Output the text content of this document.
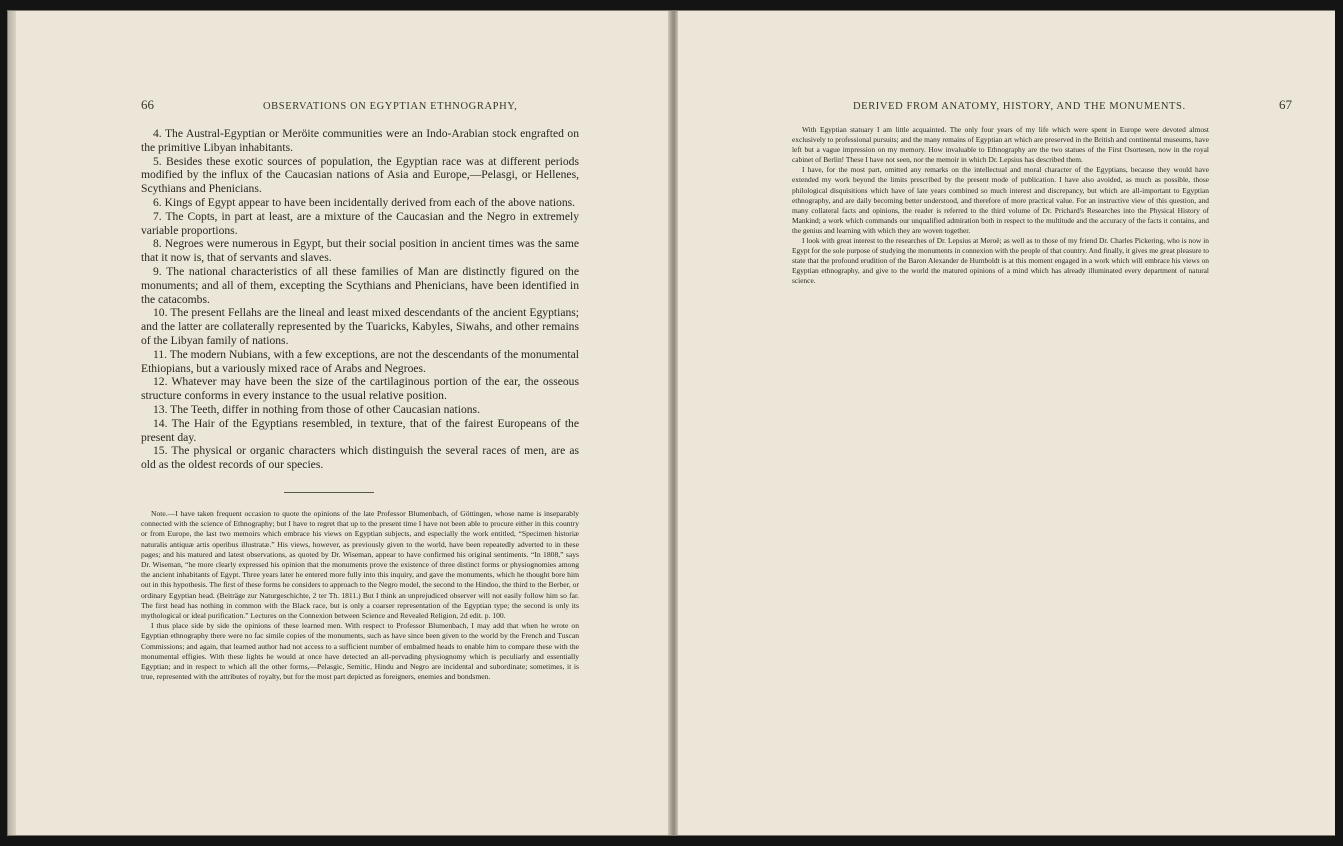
66	OBSERVATIONS ON EGYPTIAN ETHNOGRAPHY,

4. The Austral-Egyptian or Meröite communities were an Indo-Arabian stock engrafted on the primitive Libyan inhabitants.

5. Besides these exotic sources of population, the Egyptian race was at different periods modified by the influx of the Caucasian nations of Asia and Europe,—Pelasgi, or Hellenes, Scythians and Phenicians.

6. Kings of Egypt appear to have been incidentally derived from each of the above nations.

7. The Copts, in part at least, are a mixture of the Caucasian and the Negro in extremely variable proportions.

8. Negroes were numerous in Egypt, but their social position in ancient times was the same that it now is, that of servants and slaves.

9. The national characteristics of all these families of Man are distinctly figured on the monuments; and all of them, excepting the Scythians and Phenicians, have been identified in the catacombs.

10. The present Fellahs are the lineal and least mixed descendants of the ancient Egyptians; and the latter are collaterally represented by the Tuaricks, Kabyles, Siwahs, and other remains of the Libyan family of nations.

11. The modern Nubians, with a few exceptions, are not the descendants of the monumental Ethiopians, but a variously mixed race of Arabs and Negroes.

12. Whatever may have been the size of the cartilaginous portion of the ear, the osseous structure conforms in every instance to the usual relative position.

13. The Teeth, differ in nothing from those of other Caucasian nations.

14. The Hair of the Egyptians resembled, in texture, that of the fairest Europeans of the present day.

15. The physical or organic characters which distinguish the several races of men, are as old as the oldest records of our species.

Note.—I have taken frequent occasion to quote the opinions of the late Professor Blumenbach, of Göttingen, whose name is inseparably connected with the science of Ethnography; but I have to regret that up to the present time I have not been able to procure either in this country or from Europe, the last two memoirs which embrace his views on Egyptian subjects, and especially the work entitled, “Specimen historiæ naturalis antiquæ artis operibus illustratæ.” His views, however, as previously given to the world, have been repeatedly adverted to in these pages; and his matured and latest observations, as quoted by Dr. Wiseman, appear to have confirmed his original sentiments. “In 1808,” says Dr. Wiseman, “he more clearly expressed his opinion that the monuments prove the existence of three distinct forms or physiognomies among the ancient inhabitants of Egypt. Three years later he entered more fully into this inquiry, and gave the monuments, which he thought bore him out in this hypothesis. The first of these forms he considers to approach to the Negro model, the second to the Hindoo, the third to the Berber, or ordinary Egyptian head. (Beiträge zur Naturgeschichte, 2 ter Th. 1811.) But I think an unprejudiced observer will not easily follow him so far. The first head has nothing in common with the Black race, but is only a coarser representation of the Egyptian type; the second is only its mythological or ideal purification.” Lectures on the Connexion between Science and Revealed Religion, 2d edit. p. 100.

I thus place side by side the opinions of these learned men. With respect to Professor Blumenbach, I may add that when he wrote on Egyptian ethnography there were no fac simile copies of the monuments, such as have since been given to the world by the French and Tuscan Commissions; and again, that learned author had not access to a sufficient number of embalmed heads to enable him to compare these with the monumental effigies. With these lights he would at once have detected an all-pervading physiognomy which is peculiarly and essentially Egyptian; and in respect to which all the other forms,—Pelasgic, Semitic, Hindu and Negro are incidental and subordinate; sometimes, it is true, represented with the attributes of royalty, but for the most part depicted as foreigners, enemies and bondsmen.

DERIVED FROM ANATOMY, HISTORY, AND THE MONUMENTS.	67

With Egyptian statuary I am little acquainted. The only four years of my life which were spent in Europe were devoted almost exclusively to professional pursuits; and the many remains of Egyptian art which are preserved in the British and continental museums, have left but a vague impression on my memory. How invaluable to Ethnography are the two statues of the First Osortesen, now in the royal cabinet of Berlin! These I have not seen, nor the memoir in which Dr. Lepsius has described them.

I have, for the most part, omitted any remarks on the intellectual and moral character of the Egyptians, because they would have extended my work beyond the limits prescribed by the present mode of publication. I have also avoided, as much as possible, those philological disquisitions which have of late years combined so much interest and discrepancy, but which are all-important to Egyptian ethnography, and are daily becoming better understood, and therefore of more practical value. For an instructive view of this question, and many collateral facts and opinions, the reader is referred to the third volume of Dr. Prichard's Researches into the Physical History of Mankind; a work which commands our unqualified admiration both in respect to the multitude and the accuracy of the facts it contains, and the genius and learning with which they are woven together.

I look with great interest to the researches of Dr. Lepsius at Meroë; as well as to those of my friend Dr. Charles Pickering, who is now in Egypt for the sole purpose of studying the monuments in connexion with the people of that country. And finally, it gives me great pleasure to state that the profound erudition of the Baron Alexander de Humboldt is at this moment engaged in a work which will embrace his views on Egyptian ethnography, and give to the world the matured opinions of a mind which has already illuminated every department of natural science.
